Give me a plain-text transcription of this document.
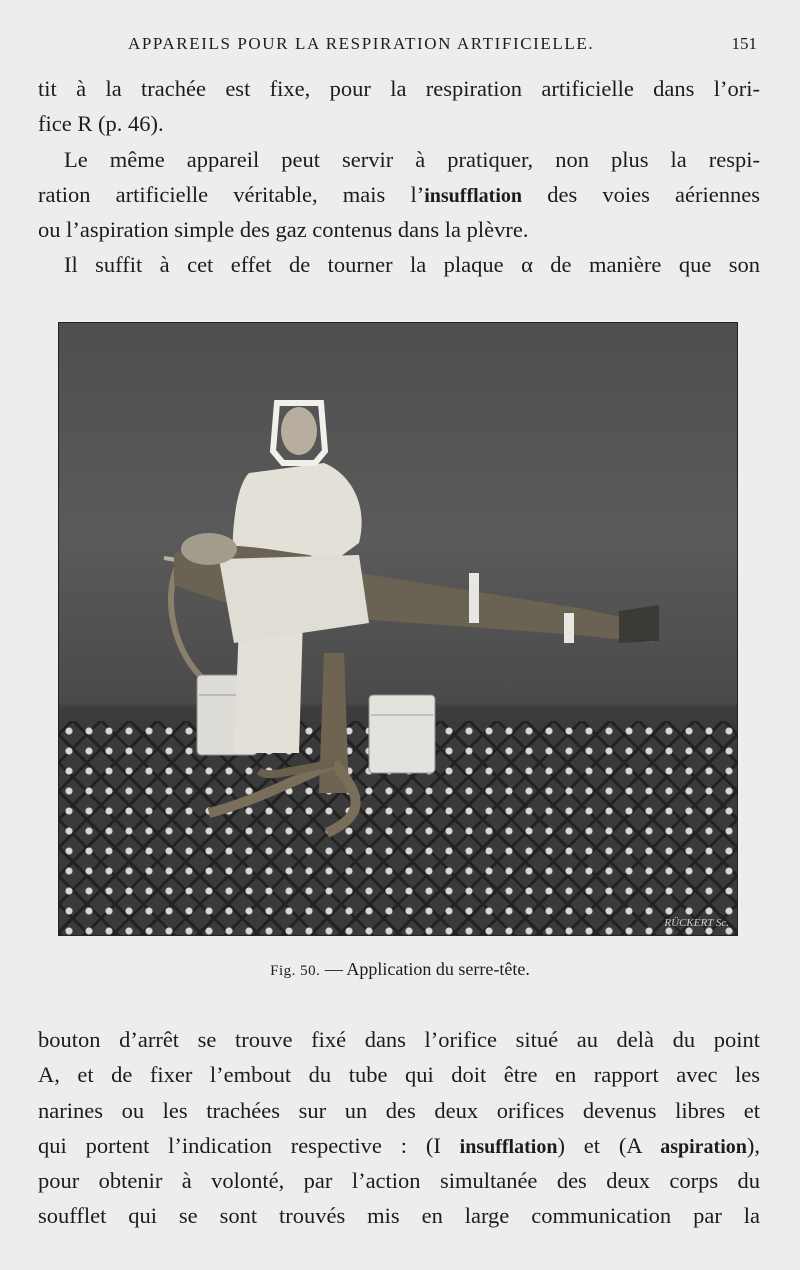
APPAREILS POUR LA RESPIRATION ARTIFICIELLE.	151
tit à la trachée est fixe, pour la respiration artificielle dans l’ori-
fice R (p. 46).
Le même appareil peut servir à pratiquer, non plus la respi-
ration artificielle véritable, mais l’insufflation des voies aériennes
ou l’aspiration simple des gaz contenus dans la plèvre.
Il suffit à cet effet de tourner la plaque α de manière que son
RÜCKERT Sc.
Fig. 50. — Application du serre-tête.
bouton d’arrêt se trouve fixé dans l’orifice situé au delà du point
A, et de fixer l’embout du tube qui doit être en rapport avec les
narines ou les trachées sur un des deux orifices devenus libres et
qui portent l’indication respective : (I insufflation) et (A aspiration),
pour obtenir à volonté, par l’action simultanée des deux corps du
soufflet qui se sont trouvés mis en large communication par la
